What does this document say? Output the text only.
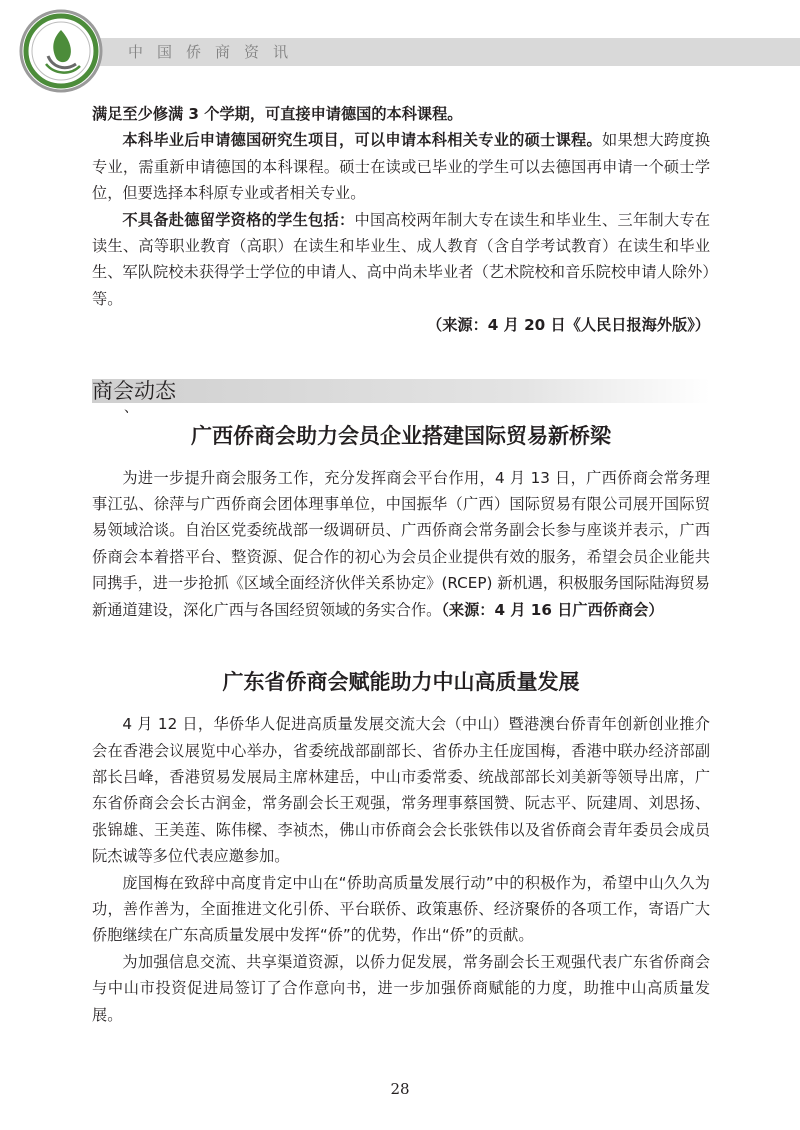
中国侨商资讯

满足至少修满 3 个学期，可直接申请德国的本科课程。

本科毕业后申请德国研究生项目，可以申请本科相关专业的硕士课程。如果想大跨度换专业，需重新申请德国的本科课程。硕士在读或已毕业的学生可以去德国再申请一个硕士学位，但要选择本科原专业或者相关专业。

不具备赴德留学资格的学生包括：中国高校两年制大专在读生和毕业生、三年制大专在读生、高等职业教育（高职）在读生和毕业生、成人教育（含自学考试教育）在读生和毕业生、军队院校未获得学士学位的申请人、高中尚未毕业者（艺术院校和音乐院校申请人除外）等。

（来源：4 月 20 日《人民日报海外版》）

商会动态
、
广西侨商会助力会员企业搭建国际贸易新桥梁

为进一步提升商会服务工作，充分发挥商会平台作用，4 月 13 日，广西侨商会常务理事江弘、徐萍与广西侨商会团体理事单位，中国振华（广西）国际贸易有限公司展开国际贸易领域洽谈。自治区党委统战部一级调研员、广西侨商会常务副会长参与座谈并表示，广西侨商会本着搭平台、整资源、促合作的初心为会员企业提供有效的服务，希望会员企业能共同携手，进一步抢抓《区域全面经济伙伴关系协定》(RCEP) 新机遇，积极服务国际陆海贸易新通道建设，深化广西与各国经贸领域的务实合作。（来源：4 月 16 日广西侨商会）

广东省侨商会赋能助力中山高质量发展

4 月 12 日，华侨华人促进高质量发展交流大会（中山）暨港澳台侨青年创新创业推介会在香港会议展览中心举办，省委统战部副部长、省侨办主任庞国梅，香港中联办经济部副部长吕峰，香港贸易发展局主席林建岳，中山市委常委、统战部部长刘美新等领导出席，广东省侨商会会长古润金，常务副会长王观强，常务理事蔡国赞、阮志平、阮建周、刘思扬、张锦雄、王美莲、陈伟樑、李祯杰，佛山市侨商会会长张铁伟以及省侨商会青年委员会成员阮杰诚等多位代表应邀参加。

庞国梅在致辞中高度肯定中山在“侨助高质量发展行动”中的积极作为，希望中山久久为功，善作善为，全面推进文化引侨、平台联侨、政策惠侨、经济聚侨的各项工作，寄语广大侨胞继续在广东高质量发展中发挥“侨”的优势，作出“侨”的贡献。

为加强信息交流、共享渠道资源，以侨力促发展，常务副会长王观强代表广东省侨商会与中山市投资促进局签订了合作意向书，进一步加强侨商赋能的力度，助推中山高质量发展。

28
